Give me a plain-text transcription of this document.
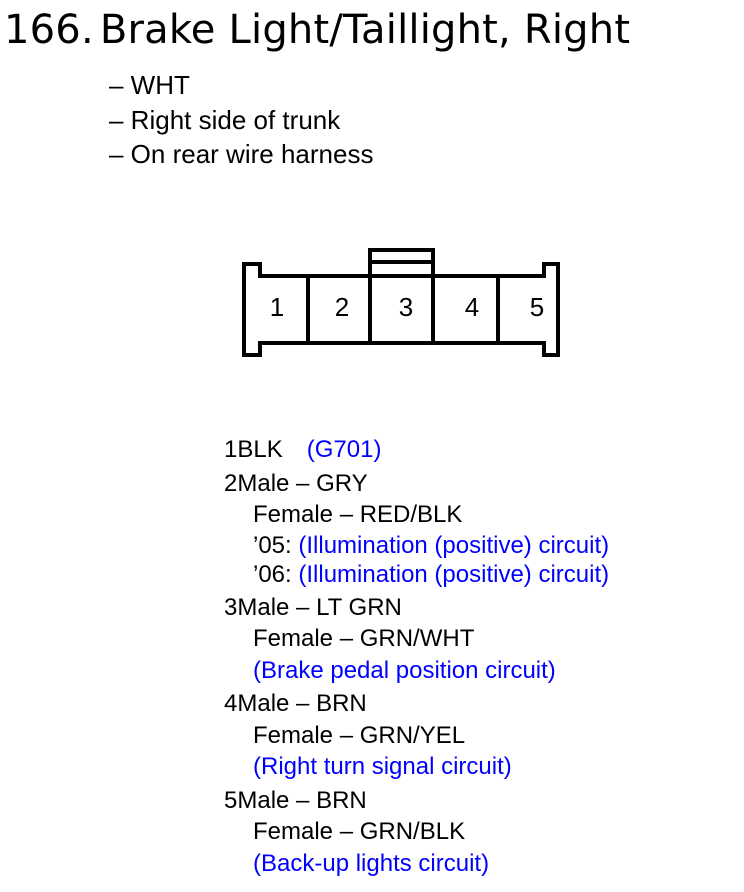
166. Brake Light/Taillight, Right
– WHT
– Right side of trunk
– On rear wire harness
1 2 3 4 5
1BLK (G701)
2Male – GRY
Female – RED/BLK
’05: (Illumination (positive) circuit)
’06: (Illumination (positive) circuit)
3Male – LT GRN
Female – GRN/WHT
(Brake pedal position circuit)
4Male – BRN
Female – GRN/YEL
(Right turn signal circuit)
5Male – BRN
Female – GRN/BLK
(Back-up lights circuit)
